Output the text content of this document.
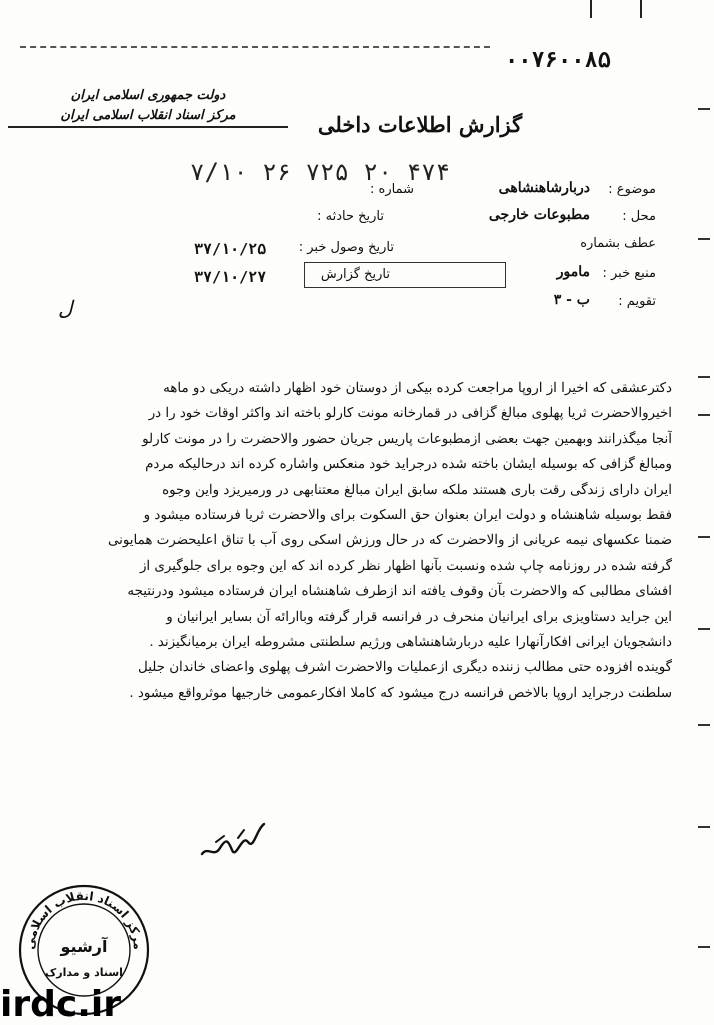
۰۰۷۶۰۰۸۵
دولت جمهوری اسلامی ایران
مرکز اسناد انقلاب اسلامی ایران	گزارش اطلاعات داخلی
موضوع :
دربارشاهنشاهی
شماره :
۷/۱۰ ۲۶ ۷۲۵ ۲۰ ۴۷۴
محل :
مطبوعات خارجی
تاریخ حادثه :
عطف بشماره
تاریخ وصول خبر :
۳۷/۱۰/۲۵
منبع خبر :
مامور
تاریخ گزارش
۳۷/۱۰/۲۷
تقویم :
ب - ۳
ل

دکترعشقی که اخیرا از اروپا مراجعت کرده بیکی از دوستان خود اظهار داشته دریکی دو ماهه

اخیروالاحضرت ثریا پهلوی مبالغ گزافی در قمارخانه مونت کارلو باخته اند واکثر اوقات خود را در

آنجا میگذرانند وبهمین جهت بعضی ازمطبوعات پاریس جریان حضور والاحضرت را در مونت کارلو

ومبالغ گزافی که بوسیله ایشان باخته شده درجراید خود منعکس واشاره کرده اند درحالیکه مردم

ایران دارای زندگی رقت باری هستند ملکه سابق ایران مبالغ معتنابهی در ورمیریزد واین وجوه

فقط بوسیله شاهنشاه و دولت ایران بعنوان حق السکوت برای والاحضرت ثریا فرستاده میشود و

ضمنا عکسهای نیمه عریانی از والاحضرت که در حال ورزش اسکی روی آب با تناق اعلیحضرت همایونی

گرفته شده در روزنامه چاپ شده ونسبت بآنها اظهار نظر کرده اند که این وجوه برای جلوگیری از

افشای مطالبی که والاحضرت بآن وقوف یافته اند ازطرف شاهنشاه ایران فرستاده میشود ودرنتیجه

این جراید دستاویزی برای ایرانیان منحرف در فرانسه قرار گرفته وباارائه آن بسایر ایرانیان و

دانشجویان ایرانی افکارآنهارا علیه دربارشاهنشاهی ورژیم سلطنتی مشروطه ایران برمیانگیزند .

گوینده افزوده حتی مطالب زننده دیگری ازعملیات والاحضرت اشرف پهلوی واعضای خاندان جلیل

سلطنت درجراید اروپا بالاخص فرانسه درج میشود که کاملا افکارعمومی خارجیها موثرواقع میشود .

مرکز اسناد انقلاب اسلامی
آرشیو
اسناد و مدارک
irdc.ir
